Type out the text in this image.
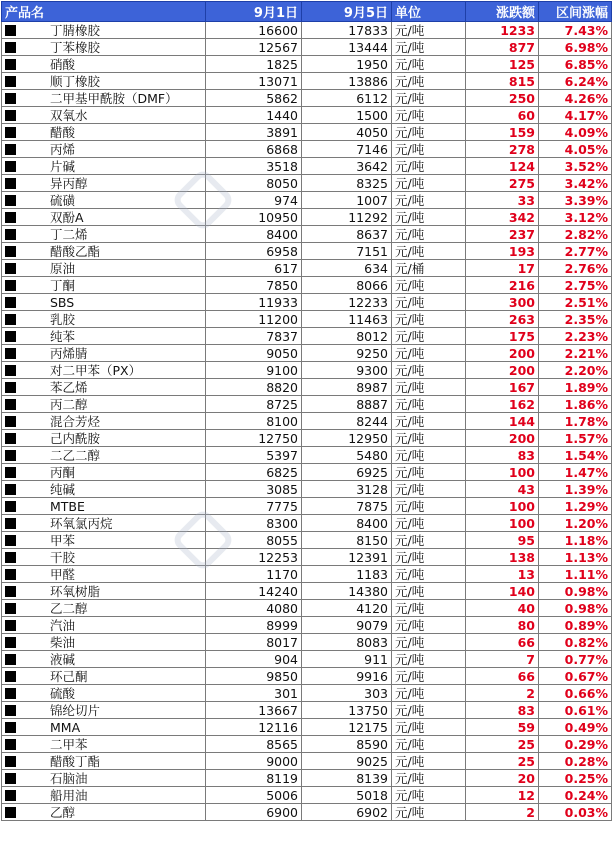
产品名	9月1日	9月5日	单位	涨跌额	区间涨幅
丁腈橡胶	16600	17833	元/吨	1233	7.43%
丁苯橡胶	12567	13444	元/吨	877	6.98%
硝酸	1825	1950	元/吨	125	6.85%
顺丁橡胶	13071	13886	元/吨	815	6.24%
二甲基甲酰胺（DMF）	5862	6112	元/吨	250	4.26%
双氧水	1440	1500	元/吨	60	4.17%
醋酸	3891	4050	元/吨	159	4.09%
丙烯	6868	7146	元/吨	278	4.05%
片碱	3518	3642	元/吨	124	3.52%
异丙醇	8050	8325	元/吨	275	3.42%
硫磺	974	1007	元/吨	33	3.39%
双酚A	10950	11292	元/吨	342	3.12%
丁二烯	8400	8637	元/吨	237	2.82%
醋酸乙酯	6958	7151	元/吨	193	2.77%
原油	617	634	元/桶	17	2.76%
丁酮	7850	8066	元/吨	216	2.75%
SBS	11933	12233	元/吨	300	2.51%
乳胶	11200	11463	元/吨	263	2.35%
纯苯	7837	8012	元/吨	175	2.23%
丙烯腈	9050	9250	元/吨	200	2.21%
对二甲苯（PX）	9100	9300	元/吨	200	2.20%
苯乙烯	8820	8987	元/吨	167	1.89%
丙二醇	8725	8887	元/吨	162	1.86%
混合芳烃	8100	8244	元/吨	144	1.78%
己内酰胺	12750	12950	元/吨	200	1.57%
二乙二醇	5397	5480	元/吨	83	1.54%
丙酮	6825	6925	元/吨	100	1.47%
纯碱	3085	3128	元/吨	43	1.39%
MTBE	7775	7875	元/吨	100	1.29%
环氧氯丙烷	8300	8400	元/吨	100	1.20%
甲苯	8055	8150	元/吨	95	1.18%
干胶	12253	12391	元/吨	138	1.13%
甲醛	1170	1183	元/吨	13	1.11%
环氧树脂	14240	14380	元/吨	140	0.98%
乙二醇	4080	4120	元/吨	40	0.98%
汽油	8999	9079	元/吨	80	0.89%
柴油	8017	8083	元/吨	66	0.82%
液碱	904	911	元/吨	7	0.77%
环己酮	9850	9916	元/吨	66	0.67%
硫酸	301	303	元/吨	2	0.66%
锦纶切片	13667	13750	元/吨	83	0.61%
MMA	12116	12175	元/吨	59	0.49%
二甲苯	8565	8590	元/吨	25	0.29%
醋酸丁酯	9000	9025	元/吨	25	0.28%
石脑油	8119	8139	元/吨	20	0.25%
船用油	5006	5018	元/吨	12	0.24%
乙醇	6900	6902	元/吨	2	0.03%
